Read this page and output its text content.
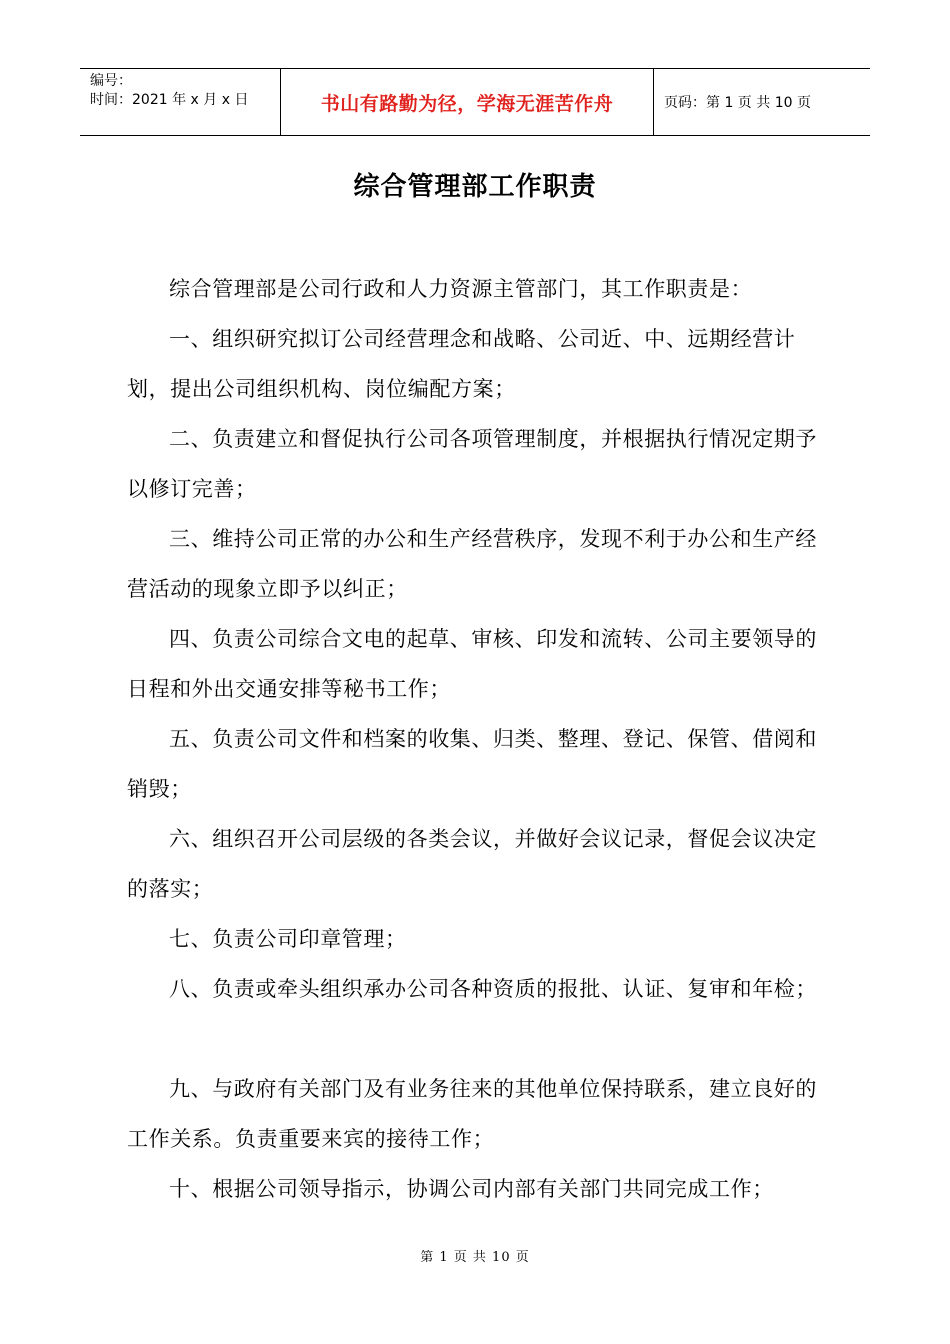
编号：
时间：2021 年 x 月 x 日	书山有路勤为径，学海无涯苦作舟	页码：第 1 页 共 10 页
综合管理部工作职责

综合管理部是公司行政和人力资源主管部门，其工作职责是：

一、组织研究拟订公司经营理念和战略、公司近、中、远期经营计划，提出公司组织机构、岗位编配方案；

二、负责建立和督促执行公司各项管理制度，并根据执行情况定期予以修订完善；

三、维持公司正常的办公和生产经营秩序，发现不利于办公和生产经营活动的现象立即予以纠正；

四、负责公司综合文电的起草、审核、印发和流转、公司主要领导的日程和外出交通安排等秘书工作；

五、负责公司文件和档案的收集、归类、整理、登记、保管、借阅和销毁；

六、组织召开公司层级的各类会议，并做好会议记录，督促会议决定的落实；

七、负责公司印章管理；

八、负责或牵头组织承办公司各种资质的报批、认证、复审和年检；

九、与政府有关部门及有业务往来的其他单位保持联系，建立良好的工作关系。负责重要来宾的接待工作；

十、根据公司领导指示，协调公司内部有关部门共同完成工作；

第 1 页 共 10 页
